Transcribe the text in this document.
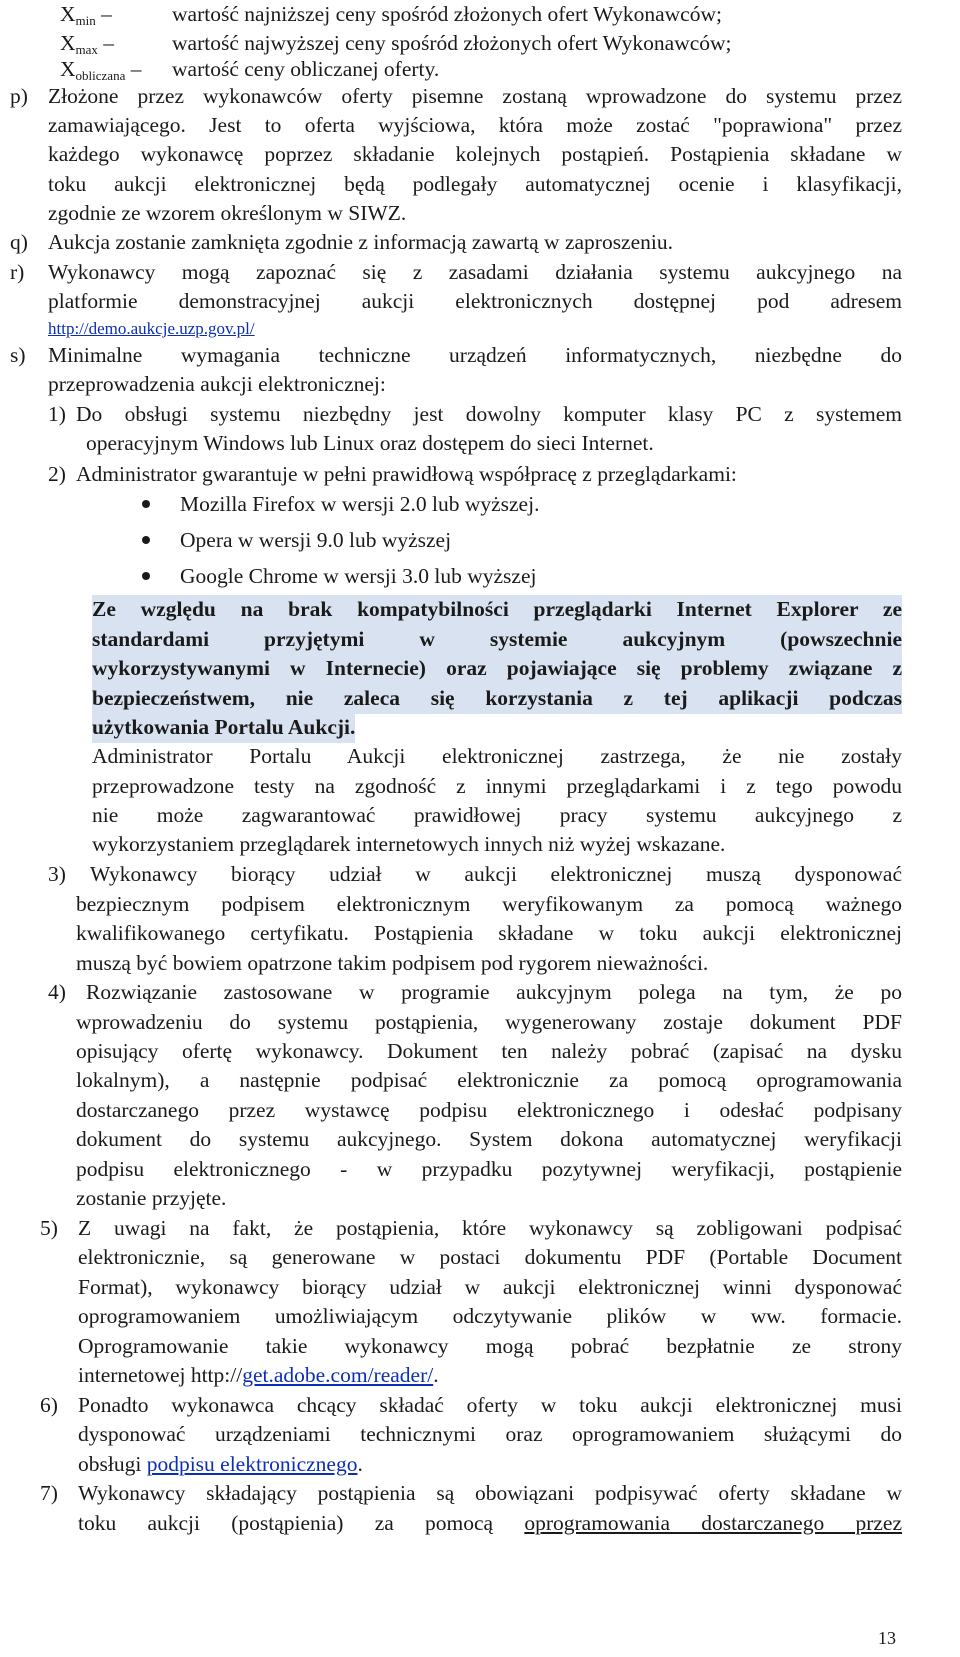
$X_{min}$ –	wartość najniższej ceny spośród złożonych ofert Wykonawców;
$X_{max}$ –	wartość najwyższej ceny spośród złożonych ofert Wykonawców;
$X_{obliczana}$ – wartość ceny obliczanej oferty.
p) Złożone przez wykonawców oferty pisemne zostaną wprowadzone do systemu przez
zamawiającego. Jest to oferta wyjściowa, która może zostać "poprawiona" przez
każdego wykonawcę poprzez składanie kolejnych postąpień. Postąpienia składane w
toku aukcji elektronicznej będą podlegały automatycznej ocenie i klasyfikacji,
zgodnie ze wzorem określonym w SIWZ.
q) Aukcja zostanie zamknięta zgodnie z informacją zawartą w zaproszeniu.
r) Wykonawcy mogą zapoznać się z zasadami działania systemu aukcyjnego na
platformie demonstracyjnej aukcji elektronicznych dostępnej pod adresem
http://demo.aukcje.uzp.gov.pl/
s) Minimalne wymagania techniczne urządzeń informatycznych, niezbędne do
przeprowadzenia aukcji elektronicznej:
1) Do obsługi systemu niezbędny jest dowolny komputer klasy PC z systemem
operacyjnym Windows lub Linux oraz dostępem do sieci Internet.
2) Administrator gwarantuje w pełni prawidłową współpracę z przeglądarkami:
Mozilla Firefox w wersji 2.0 lub wyższej.
Opera w wersji 9.0 lub wyższej
Google Chrome w wersji 3.0 lub wyższej
Ze względu na brak kompatybilności przeglądarki Internet Explorer ze
standardami przyjętymi w systemie aukcyjnym (powszechnie
wykorzystywanymi w Internecie) oraz pojawiające się problemy związane z
bezpieczeństwem, nie zaleca się korzystania z tej aplikacji podczas
użytkowania Portalu Aukcji.
Administrator Portalu Aukcji elektronicznej zastrzega, że nie zostały
przeprowadzone testy na zgodność z innymi przeglądarkami i z tego powodu
nie może zagwarantować prawidłowej pracy systemu aukcyjnego z
wykorzystaniem przeglądarek internetowych innych niż wyżej wskazane.
3) Wykonawcy biorący udział w aukcji elektronicznej muszą dysponować
bezpiecznym podpisem elektronicznym weryfikowanym za pomocą ważnego
kwalifikowanego certyfikatu. Postąpienia składane w toku aukcji elektronicznej
muszą być bowiem opatrzone takim podpisem pod rygorem nieważności.
4) Rozwiązanie zastosowane w programie aukcyjnym polega na tym, że po
wprowadzeniu do systemu postąpienia, wygenerowany zostaje dokument PDF
opisujący ofertę wykonawcy. Dokument ten należy pobrać (zapisać na dysku
lokalnym), a następnie podpisać elektronicznie za pomocą oprogramowania
dostarczanego przez wystawcę podpisu elektronicznego i odesłać podpisany
dokument do systemu aukcyjnego. System dokona automatycznej weryfikacji
podpisu elektronicznego - w przypadku pozytywnej weryfikacji, postąpienie
zostanie przyjęte.
5) Z uwagi na fakt, że postąpienia, które wykonawcy są zobligowani podpisać
elektronicznie, są generowane w postaci dokumentu PDF (Portable Document
Format), wykonawcy biorący udział w aukcji elektronicznej winni dysponować
oprogramowaniem umożliwiającym odczytywanie plików w ww. formacie.
Oprogramowanie takie wykonawcy mogą pobrać bezpłatnie ze strony
internetowej http://get.adobe.com/reader/.
6) Ponadto wykonawca chcący składać oferty w toku aukcji elektronicznej musi
dysponować urządzeniami technicznymi oraz oprogramowaniem służącymi do
obsługi podpisu elektronicznego.
7) Wykonawcy składający postąpienia są obowiązani podpisywać oferty składane w
toku aukcji (postąpienia) za pomocą oprogramowania dostarczanego przez
13
